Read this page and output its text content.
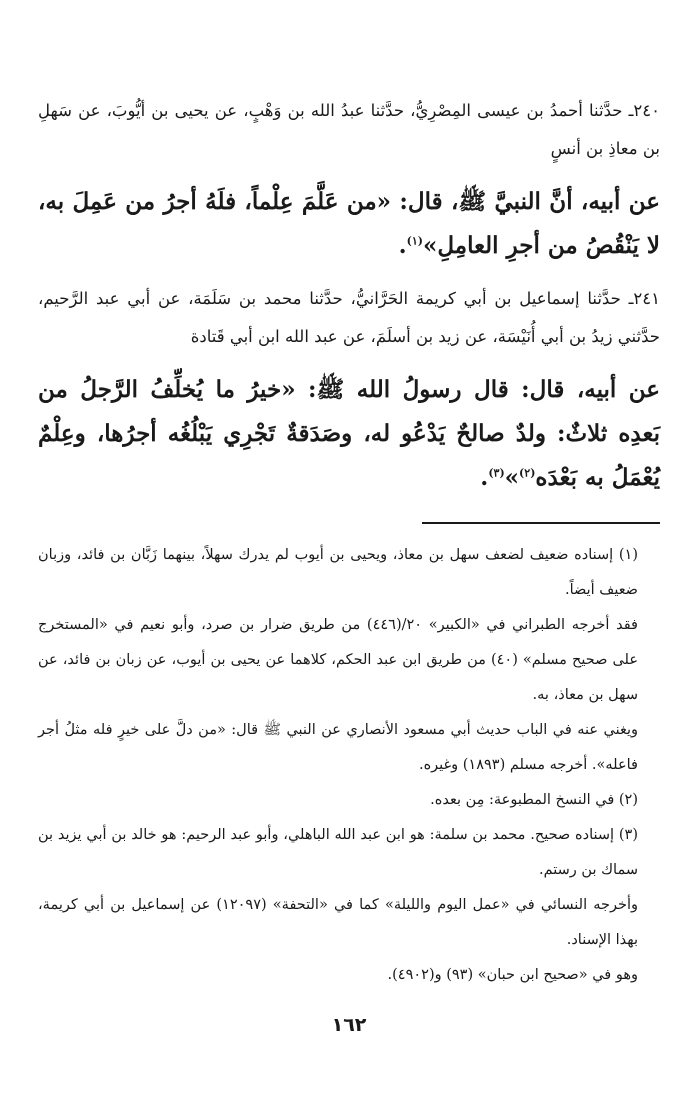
٢٤٠ـ حدَّثنا أحمدُ بن عيسى المِصْرِيُّ، حدَّثنا عبدُ الله بن وَهْبٍ، عن يحيى بن أيُّوبَ، عن سَهلِ بن معاذِ بن أنسٍ
عن أبيه، أنَّ النبيَّ ﷺ، قال: «من عَلَّمَ عِلْماً، فلَهُ أجرُ من عَمِلَ به، لا يَنْقُصُ من أجرِ العامِلِ»$^{(١)}$.
٢٤١ـ حدَّثنا إسماعيل بن أبي كريمة الحَرَّانيُّ، حدَّثنا محمد بن سَلَمَة، عن أبي عبد الرَّحيم، حدَّثني زيدُ بن أبي أُنَيْسَة، عن زيد بن أسلَمَ، عن عبد الله ابن أبي قَتادة
عن أبيه، قال: قال رسولُ الله ﷺ: «خيرُ ما يُخلِّفُ الرَّجلُ من بَعدِه ثلاثٌ: ولدٌ صالحٌ يَدْعُو له، وصَدَقةٌ تَجْرِي يَبْلُغُه أجرُها، وعِلْمٌ يُعْمَلُ به بَعْدَه$^{(٢)}$»$^{(٣)}$.
(١) إسناده ضعيف لضعف سهل بن معاذ، ويحيى بن أيوب لم يدرك سهلاً، بينهما زَبَّان بن فائد، وزبان ضعيف أيضاً.
فقد أخرجه الطبراني في «الكبير» ٢٠/(٤٤٦) من طريق ضرار بن صرد، وأبو نعيم في «المستخرج على صحيح مسلم» (٤٠) من طريق ابن عبد الحكم، كلاهما عن يحيى بن أيوب، عن زبان بن فائد، عن سهل بن معاذ، به.
ويغني عنه في الباب حديث أبي مسعود الأنصاري عن النبي ﷺ قال: «من دلَّ على خيرٍ فله مثلُ أجر فاعله». أخرجه مسلم (١٨٩٣) وغيره.
(٢) في النسخ المطبوعة: مِن بعده.
(٣) إسناده صحيح. محمد بن سلمة: هو ابن عبد الله الباهلي، وأبو عبد الرحيم: هو خالد بن أبي يزيد بن سماك بن رستم.
وأخرجه النسائي في «عمل اليوم والليلة» كما في «التحفة» (١٢٠٩٧) عن إسماعيل بن أبي كريمة، بهذا الإسناد.
وهو في «صحيح ابن حبان» (٩٣) و(٤٩٠٢).
١٦٢
